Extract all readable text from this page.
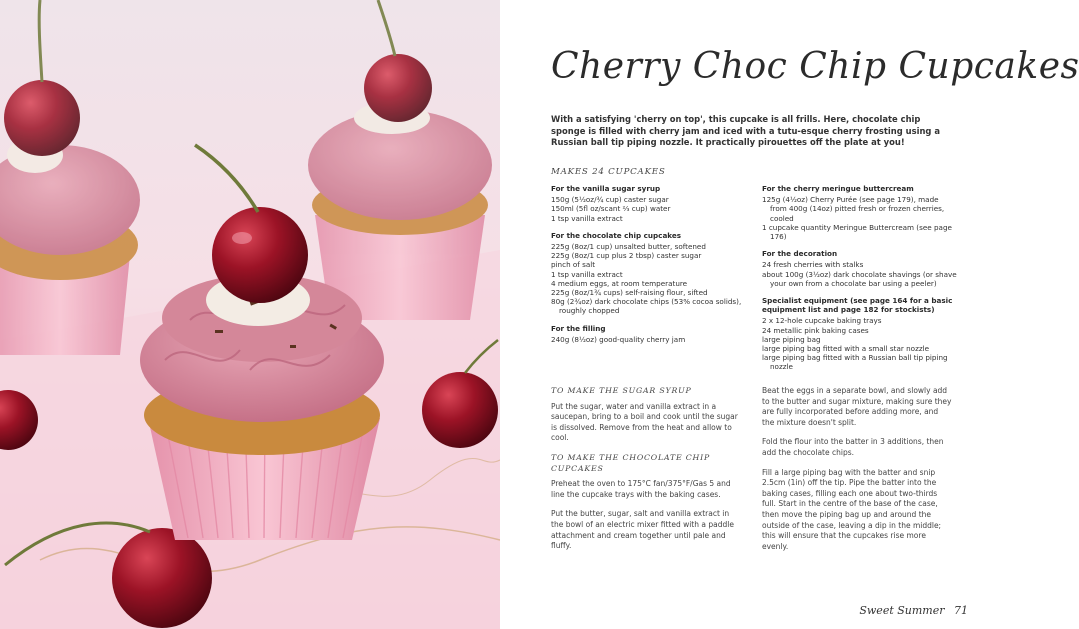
Cherry Choc Chip Cupcakes
With a satisfying 'cherry on top', this cupcake is all frills. Here, chocolate chip sponge is filled with cherry jam and iced with a tutu-esque cherry frosting using a Russian ball tip piping nozzle. It practically pirouettes off the plate at you!
MAKES 24 CUPCAKES
For the vanilla sugar syrup
150g (5½oz/¾ cup) caster sugar
150ml (5fl oz/scant ⅔ cup) water
1 tsp vanilla extract
For the chocolate chip cupcakes
225g (8oz/1 cup) unsalted butter, softened
225g (8oz/1 cup plus 2 tbsp) caster sugar
pinch of salt
1 tsp vanilla extract
4 medium eggs, at room temperature
225g (8oz/1¾ cups) self-raising flour, sifted
80g (2¾oz) dark chocolate chips (53% cocoa solids), roughly chopped
For the filling
240g (8½oz) good-quality cherry jam
For the cherry meringue buttercream
125g (4½oz) Cherry Purée (see page 179), made from 400g (14oz) pitted fresh or frozen cherries, cooled
1 cupcake quantity Meringue Buttercream (see page 176)
For the decoration
24 fresh cherries with stalks
about 100g (3½oz) dark chocolate shavings (or shave your own from a chocolate bar using a peeler)
Specialist equipment (see page 164 for a basic equipment list and page 182 for stockists)
2 x 12-hole cupcake baking trays
24 metallic pink baking cases
large piping bag
large piping bag fitted with a small star nozzle
large piping bag fitted with a Russian ball tip piping nozzle
TO MAKE THE SUGAR SYRUP
Put the sugar, water and vanilla extract in a saucepan, bring to a boil and cook until the sugar is dissolved. Remove from the heat and allow to cool.
TO MAKE THE CHOCOLATE CHIP CUPCAKES
Preheat the oven to 175°C fan/375°F/Gas 5 and line the cupcake trays with the baking cases.
Put the butter, sugar, salt and vanilla extract in the bowl of an electric mixer fitted with a paddle attachment and cream together until pale and fluffy.
Beat the eggs in a separate bowl, and slowly add to the butter and sugar mixture, making sure they are fully incorporated before adding more, and the mixture doesn't split.
Fold the flour into the batter in 3 additions, then add the chocolate chips.
Fill a large piping bag with the batter and snip 2.5cm (1in) off the tip. Pipe the batter into the baking cases, filling each one about two-thirds full. Start in the centre of the base of the case, then move the piping bag up and around the outside of the case, leaving a dip in the middle; this will ensure that the cupcakes rise more evenly.
Sweet Summer 71
